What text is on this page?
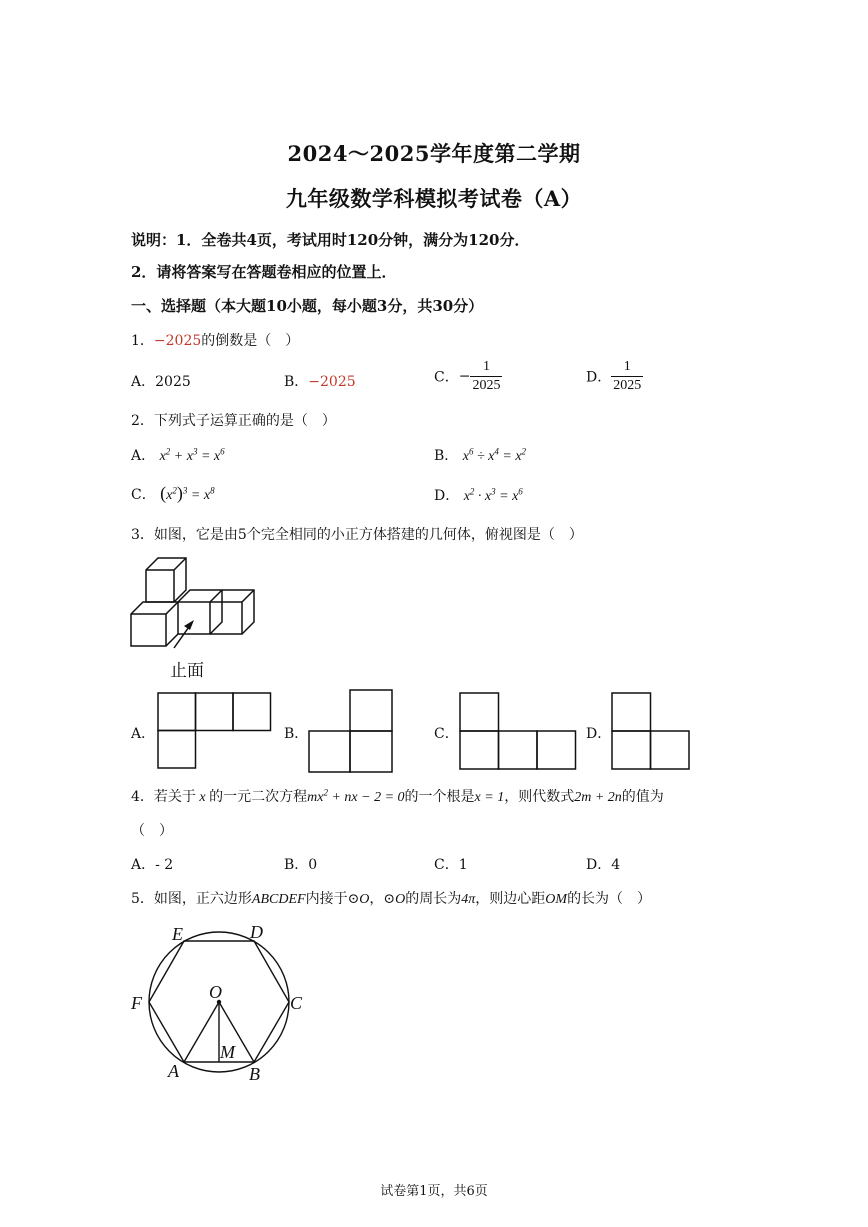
2024～2025学年度第二学期
九年级数学科模拟考试卷（A）
说明：1．全卷共4页，考试用时120分钟，满分为120分．
2．请将答案写在答题卷相应的位置上．
一、选择题（本大题10小题，每小题3分，共30分）
1．−2025的倒数是（　）
A．2025	B．−2025	C．− $\frac{1}{2025}$	D． $\frac{1}{2025}$
2．下列式子运算正确的是（　）
A． $x^2 + x^3 = x^6$	B． $x^6 \div x^4 = x^2$
C． $(x^2)^3 = x^8$	D． $x^2 \cdot x^3 = x^6$
3．如图，它是由5个完全相同的小正方体搭建的几何体，俯视图是（　）
止面
A．	B．	C．	D．
4．若关于 x 的一元二次方程$mx^2$ + nx − 2 = 0的一个根是x = 1，则代数式2m + 2n的值为
（　）
A．- 2	B．0	C．1	D．4
5．如图，正六边形ABCDEF内接于⊙O，⊙O的周长为4π，则边心距OM的长为（　）
E	D
F	C
O
M
A	B
试卷第1页，共6页
